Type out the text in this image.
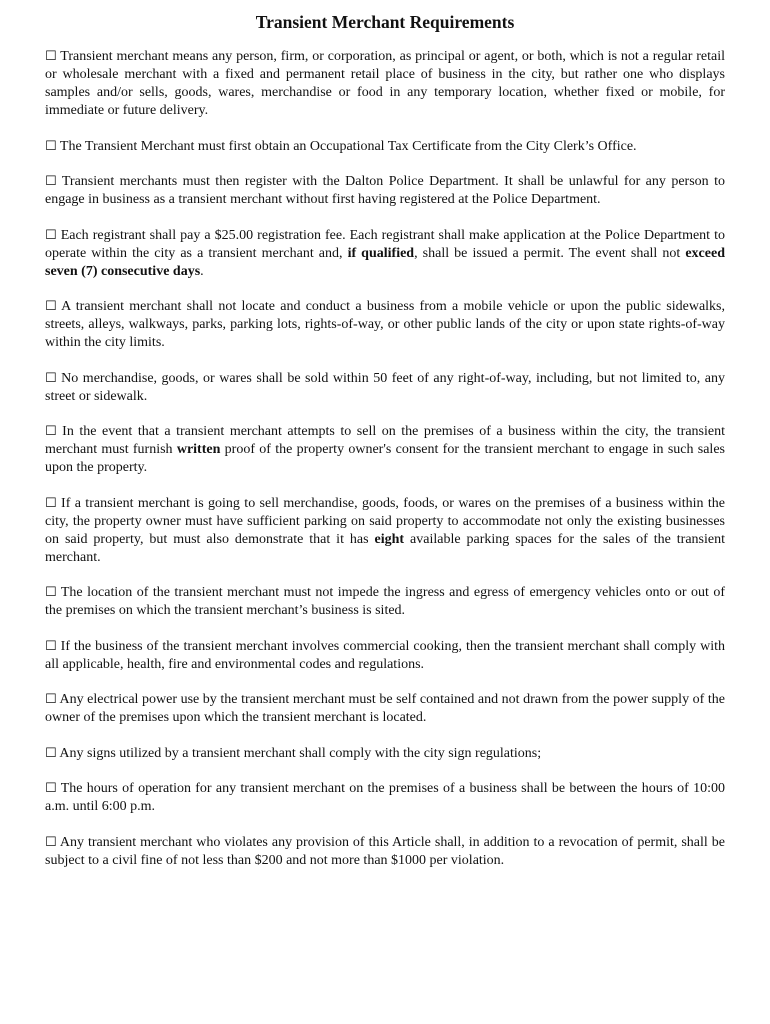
Transient Merchant Requirements

☐ Transient merchant means any person, firm, or corporation, as principal or agent, or both, which is not a regular retail or wholesale merchant with a fixed and permanent retail place of business in the city, but rather one who displays samples and/or sells, goods, wares, merchandise or food in any temporary location, whether fixed or mobile, for immediate or future delivery.

☐ The Transient Merchant must first obtain an Occupational Tax Certificate from the City Clerk’s Office.

☐ Transient merchants must then register with the Dalton Police Department. It shall be unlawful for any person to engage in business as a transient merchant without first having registered at the Police Department.

☐ Each registrant shall pay a $25.00 registration fee. Each registrant shall make application at the Police Department to operate within the city as a transient merchant and, if qualified, shall be issued a permit. The event shall not exceed seven (7) consecutive days.

☐ A transient merchant shall not locate and conduct a business from a mobile vehicle or upon the public sidewalks, streets, alleys, walkways, parks, parking lots, rights-of-way, or other public lands of the city or upon state rights-of-way within the city limits.

☐ No merchandise, goods, or wares shall be sold within 50 feet of any right-of-way, including, but not limited to, any street or sidewalk.

☐ In the event that a transient merchant attempts to sell on the premises of a business within the city, the transient merchant must furnish written proof of the property owner's consent for the transient merchant to engage in such sales upon the property.

☐ If a transient merchant is going to sell merchandise, goods, foods, or wares on the premises of a business within the city, the property owner must have sufficient parking on said property to accommodate not only the existing businesses on said property, but must also demonstrate that it has eight available parking spaces for the sales of the transient merchant.

☐ The location of the transient merchant must not impede the ingress and egress of emergency vehicles onto or out of the premises on which the transient merchant’s business is sited.

☐ If the business of the transient merchant involves commercial cooking, then the transient merchant shall comply with all applicable, health, fire and environmental codes and regulations.

☐ Any electrical power use by the transient merchant must be self contained and not drawn from the power supply of the owner of the premises upon which the transient merchant is located.

☐ Any signs utilized by a transient merchant shall comply with the city sign regulations;

☐ The hours of operation for any transient merchant on the premises of a business shall be between the hours of 10:00 a.m. until 6:00 p.m.

☐ Any transient merchant who violates any provision of this Article shall, in addition to a revocation of permit, shall be subject to a civil fine of not less than $200 and not more than $1000 per violation.
